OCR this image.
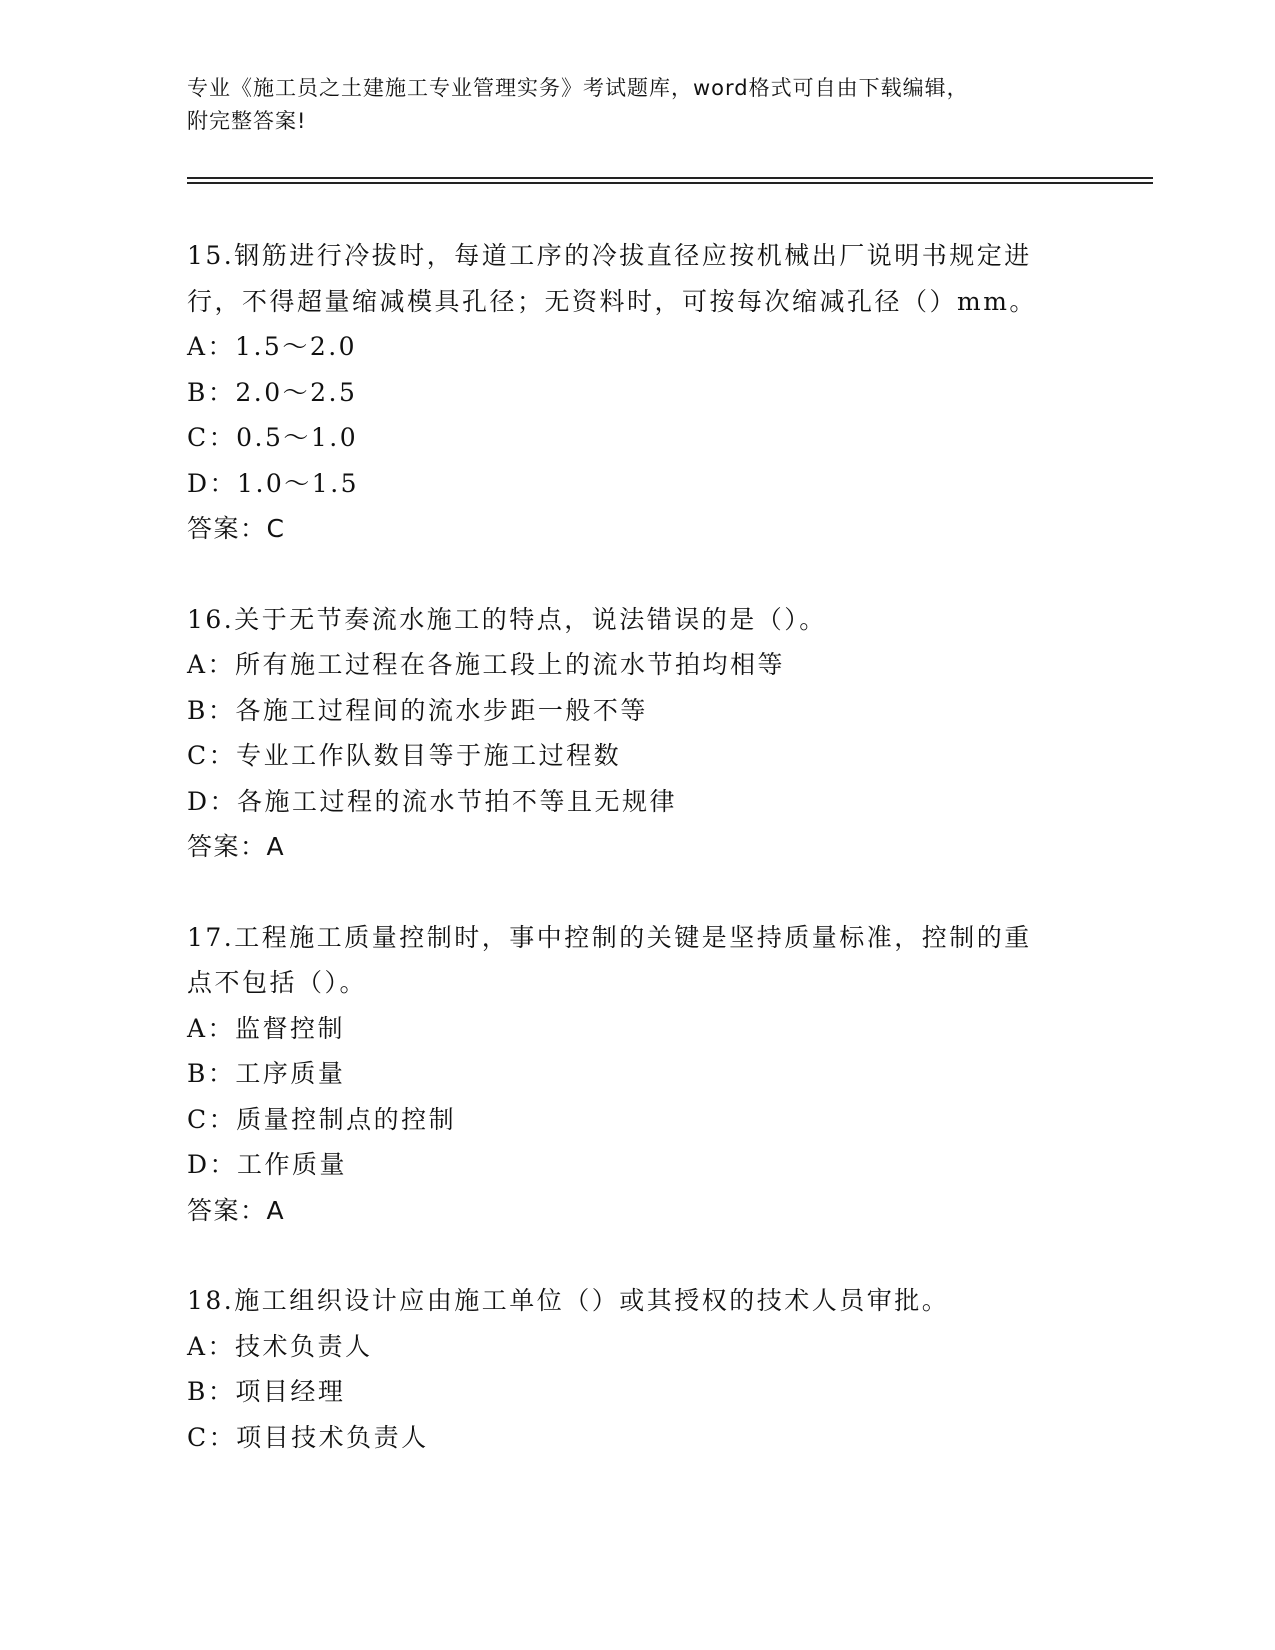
专业《施工员之土建施工专业管理实务》考试题库，word格式可自由下载编辑，
附完整答案!
15.钢筋进行冷拔时，每道工序的冷拔直径应按机械出厂说明书规定进
行，不得超量缩减模具孔径；无资料时，可按每次缩减孔径（）mm。
A：1.5～2.0
B：2.0～2.5
C：0.5～1.0
D：1.0～1.5
答案：C
16.关于无节奏流水施工的特点，说法错误的是（）。
A：所有施工过程在各施工段上的流水节拍均相等
B：各施工过程间的流水步距一般不等
C：专业工作队数目等于施工过程数
D：各施工过程的流水节拍不等且无规律
答案：A
17.工程施工质量控制时，事中控制的关键是坚持质量标准，控制的重
点不包括（）。
A：监督控制
B：工序质量
C：质量控制点的控制
D：工作质量
答案：A
18.施工组织设计应由施工单位（）或其授权的技术人员审批。
A：技术负责人
B：项目经理
C：项目技术负责人
